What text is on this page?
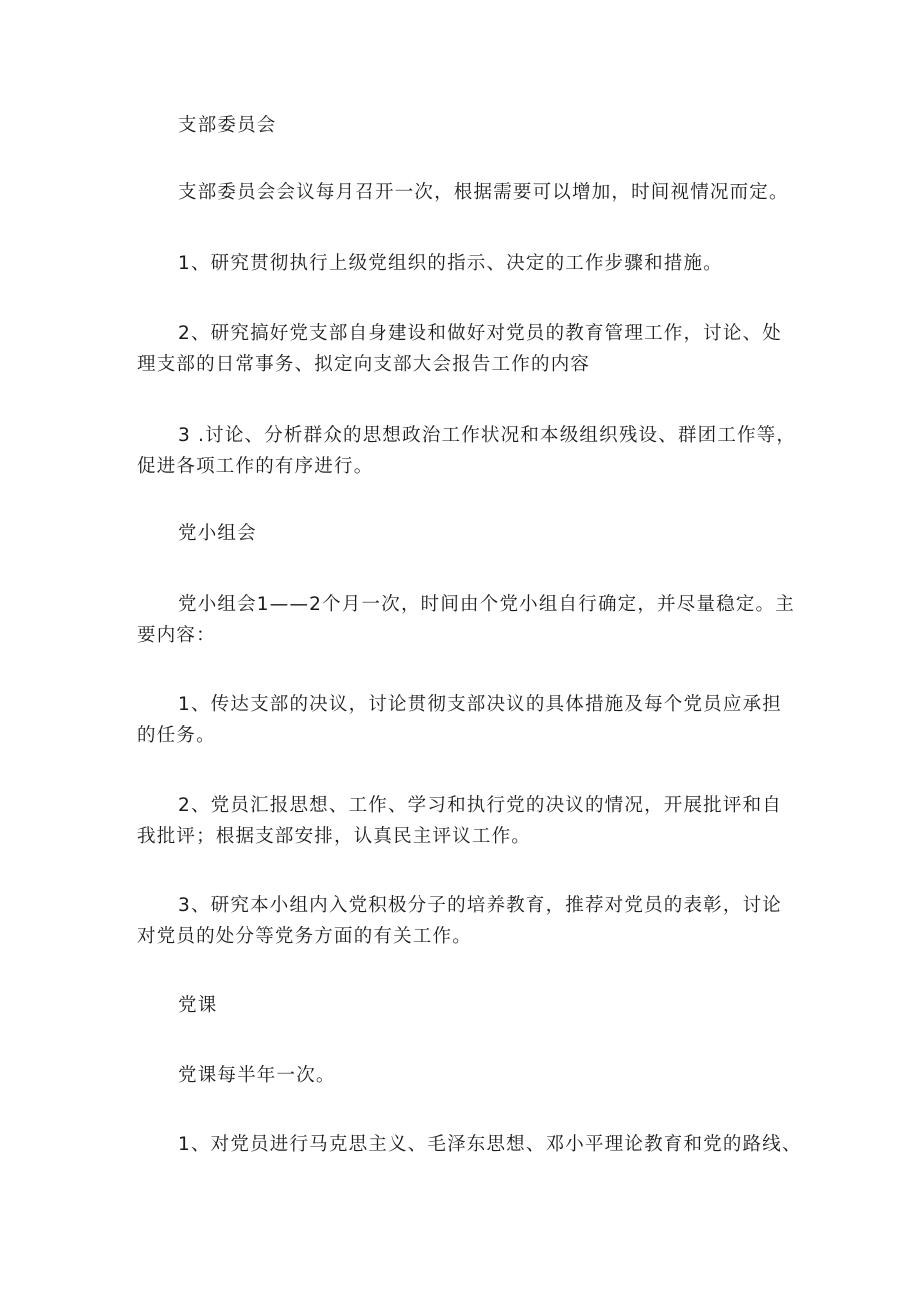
支部委员会
支部委员会会议每月召开一次，根据需要可以增加，时间视情况而定。
1、研究贯彻执行上级党组织的指示、决定的工作步骤和措施。
2、研究搞好党支部自身建设和做好对党员的教育管理工作，讨论、处
理支部的日常事务、拟定向支部大会报告工作的内容
3 .讨论、分析群众的思想政治工作状况和本级组织残设、群团工作等，
促进各项工作的有序进行。
党小组会
党小组会1——2个月一次，时间由个党小组自行确定，并尽量稳定。主
要内容：
1、传达支部的决议，讨论贯彻支部决议的具体措施及每个党员应承担
的任务。
2、党员汇报思想、工作、学习和执行党的决议的情况，开展批评和自
我批评；根据支部安排，认真民主评议工作。
3、研究本小组内入党积极分子的培养教育，推荐对党员的表彰，讨论
对党员的处分等党务方面的有关工作。
党课
党课每半年一次。
1、对党员进行马克思主义、毛泽东思想、邓小平理论教育和党的路线、
